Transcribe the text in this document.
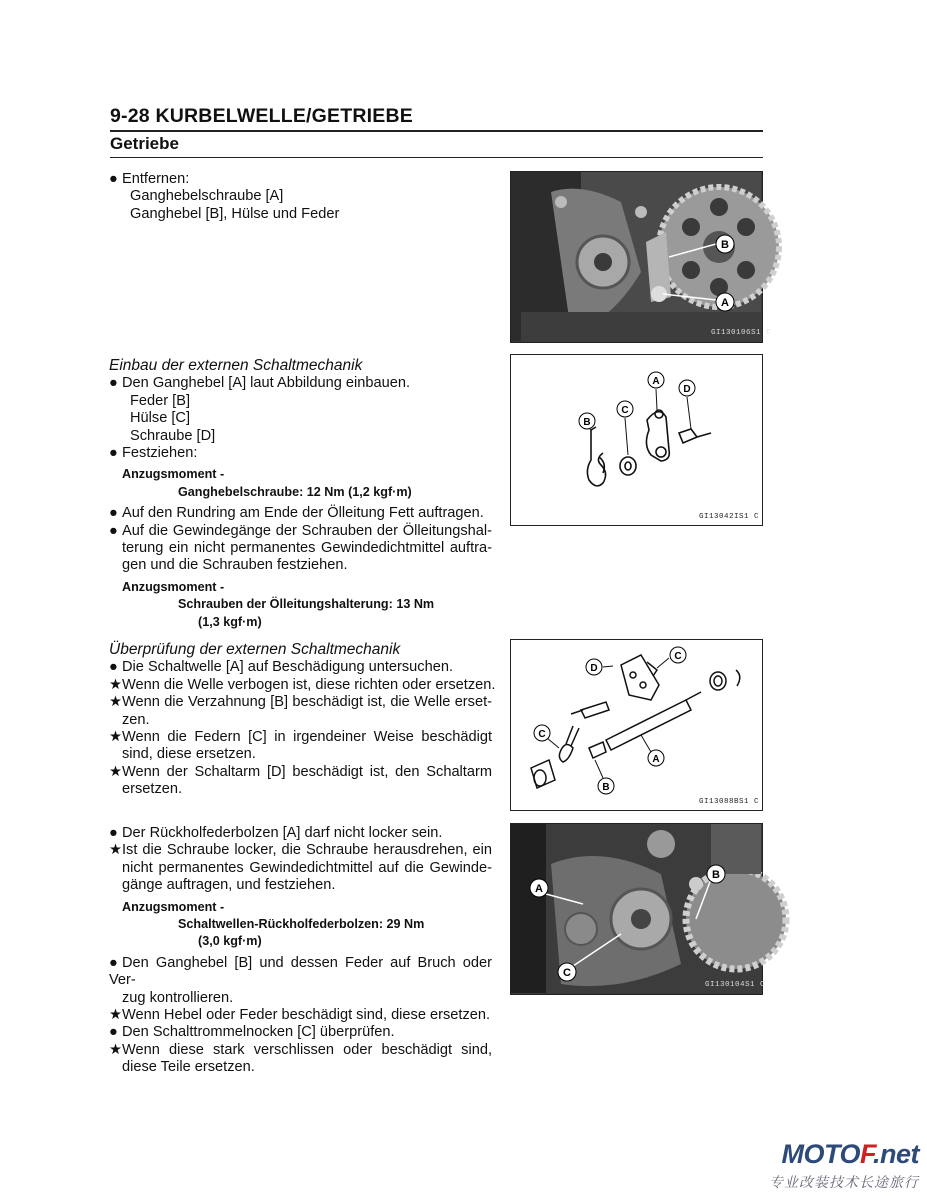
9-28 KURBELWELLE/GETRIEBE
Getriebe
● Entfernen:
Ganghebelschraube [A]
Ganghebel [B], Hülse und Feder
Einbau der externen Schaltmechanik
● Den Ganghebel [A] laut Abbildung einbauen.
Feder [B]
Hülse [C]
Schraube [D]
● Festziehen:
Anzugsmoment -
Ganghebelschraube: 12 Nm (1,2 kgf·m)
● Auf den Rundring am Ende der Ölleitung Fett auftragen.
● Auf die Gewindegänge der Schrauben der Ölleitungshal-
terung ein nicht permanentes Gewindedichtmittel auftra-
gen und die Schrauben festziehen.
Anzugsmoment -
Schrauben der Ölleitungshalterung: 13 Nm
(1,3 kgf·m)
Überprüfung der externen Schaltmechanik
● Die Schaltwelle [A] auf Beschädigung untersuchen.
★Wenn die Welle verbogen ist, diese richten oder ersetzen.
★Wenn die Verzahnung [B] beschädigt ist, die Welle erset-
zen.
★Wenn die Federn [C] in irgendeiner Weise beschädigt
sind, diese ersetzen.
★Wenn der Schaltarm [D] beschädigt ist, den Schaltarm
ersetzen.
● Der Rückholfederbolzen [A] darf nicht locker sein.
★Ist die Schraube locker, die Schraube herausdrehen, ein
nicht permanentes Gewindedichtmittel auf die Gewinde-
gänge auftragen, und festziehen.
Anzugsmoment -
Schaltwellen-Rückholfederbolzen: 29 Nm
(3,0 kgf·m)
● Den Ganghebel [B] und dessen Feder auf Bruch oder Ver-
zug kontrollieren.
★Wenn Hebel oder Feder beschädigt sind, diese ersetzen.
● Den Schalttrommelnocken [C] überprüfen.
★Wenn diese stark verschlissen oder beschädigt sind,
diese Teile ersetzen.
B
A
GI130106S1 C
A
D
C
B
GI13042IS1 C
D
C
C
A
B
GI13088BS1 C
A
B
C
GI130104S1 C
MOTOF.net
专业改装技术长途旅行
